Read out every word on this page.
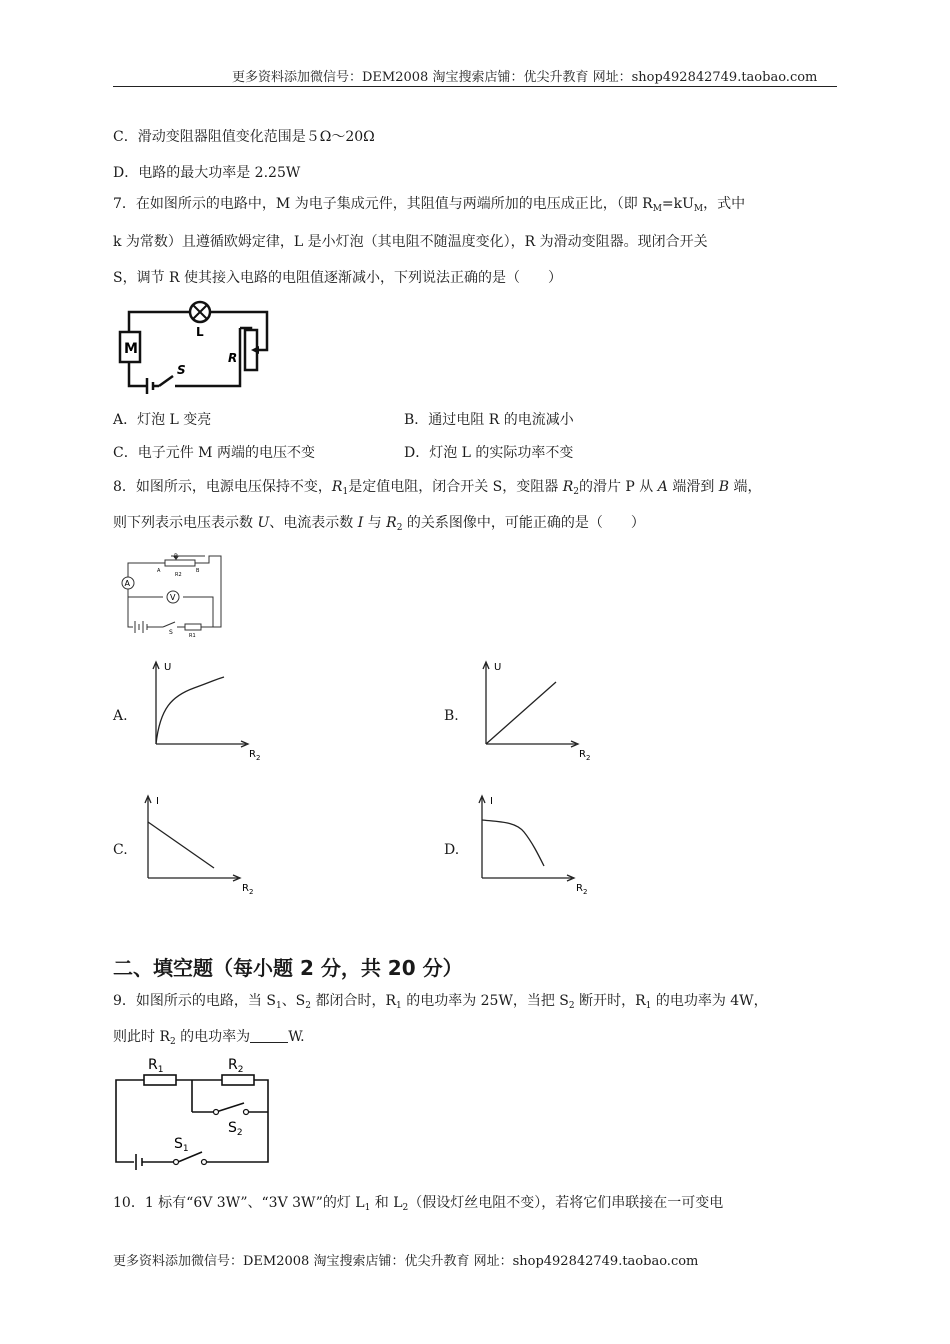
更多资料添加微信号：DEM2008 淘宝搜索店铺：优尖升教育 网址：shop492842749.taobao.com
C．滑动变阻器阻值变化范围是５Ω～20Ω
D．电路的最大功率是 2.25W
7．在如图所示的电路中，M 为电子集成元件，其阻值与两端所加的电压成正比，（即 $R_M=kU_M$，式中
k 为常数）且遵循欧姆定律，L 是小灯泡（其电阻不随温度变化），R 为滑动变阻器。现闭合开关
S，调节 R 使其接入电路的电阻值逐渐减小，下列说法正确的是（　　）
M
L
R
S
A．灯泡 L 变亮	B．通过电阻 R 的电流减小
C．电子元件 M 两端的电压不变	D．灯泡 L 的实际功率不变
8．如图所示，电源电压保持不变，$R_1$是定值电阻，闭合开关 S，变阻器 $R_2$的滑片 P 从 A 端滑到 B 端，
则下列表示电压表示数 U、电流表示数 I 与 $R_2$ 的关系图像中，可能正确的是（　　）
A
V
P
A
R2
B
S	R1
A.	B.
C.	D.
U
$R_2$
U
$R_2$
I
$R_2$
I
$R_2$
二、填空题（每小题 2 分，共 20 分）
9．如图所示的电路，当 $S_1$、$S_2$ 都闭合时，$R_1$ 的电功率为 25W，当把 $S_2$ 断开时，$R_1$ 的电功率为 4W，
则此时 $R_2$ 的电功率为	W.
$R_1$	$R_2$
$S_2$
$S_1$
10．1 标有“6V 3W”、“3V 3W”的灯 $L_1$ 和 $L_2$（假设灯丝电阻不变），若将它们串联接在一可变电
更多资料添加微信号：DEM2008 淘宝搜索店铺：优尖升教育 网址：shop492842749.taobao.com
